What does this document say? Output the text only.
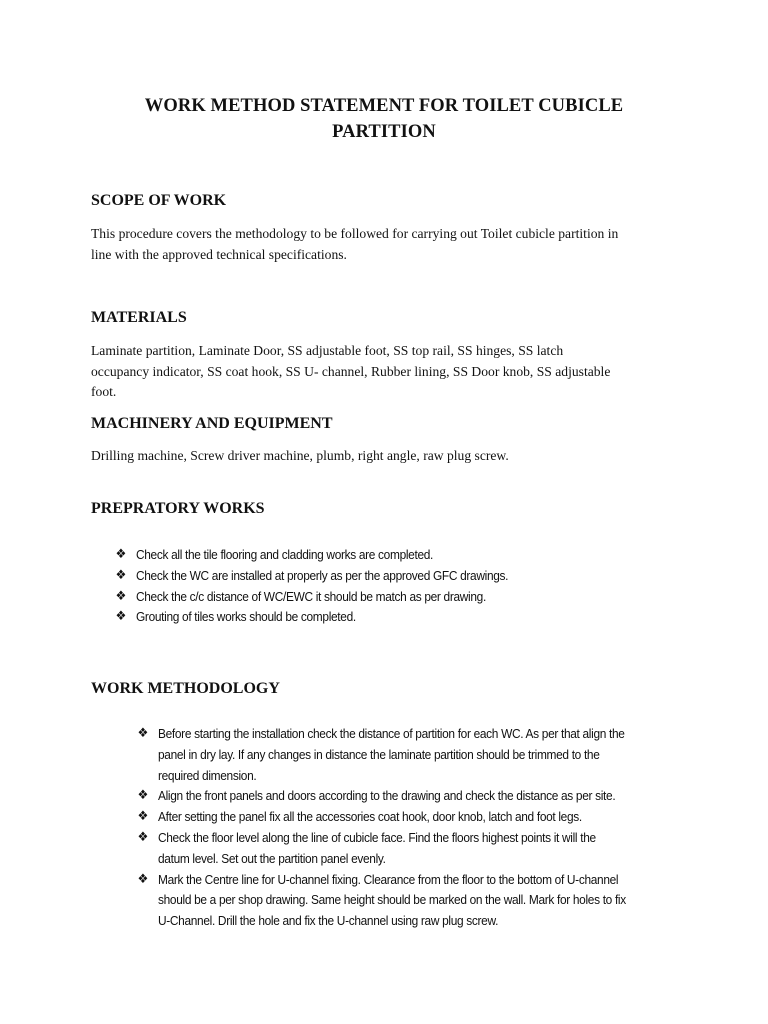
WORK METHOD STATEMENT FOR TOILET CUBICLE
PARTITION
SCOPE OF WORK
This procedure covers the methodology to be followed for carrying out Toilet cubicle partition in
line with the approved technical specifications.
MATERIALS
Laminate partition, Laminate Door, SS adjustable foot, SS top rail, SS hinges, SS latch
occupancy indicator, SS coat hook, SS U- channel, Rubber lining, SS Door knob, SS adjustable
foot.
MACHINERY AND EQUIPMENT
Drilling machine, Screw driver machine, plumb, right angle, raw plug screw.
PREPRATORY WORKS
❖ Check all the tile flooring and cladding works are completed.
❖ Check the WC are installed at properly as per the approved GFC drawings.
❖ Check the c/c distance of WC/EWC it should be match as per drawing.
❖ Grouting of tiles works should be completed.
WORK METHODOLOGY
❖ Before starting the installation check the distance of partition for each WC. As per that align the
panel in dry lay. If any changes in distance the laminate partition should be trimmed to the
required dimension.
❖ Align the front panels and doors according to the drawing and check the distance as per site.
❖ After setting the panel fix all the accessories coat hook, door knob, latch and foot legs.
❖ Check the floor level along the line of cubicle face. Find the floors highest points it will the
datum level. Set out the partition panel evenly.
❖ Mark the Centre line for U-channel fixing. Clearance from the floor to the bottom of U-channel
should be a per shop drawing. Same height should be marked on the wall. Mark for holes to fix
U-Channel. Drill the hole and fix the U-channel using raw plug screw.
